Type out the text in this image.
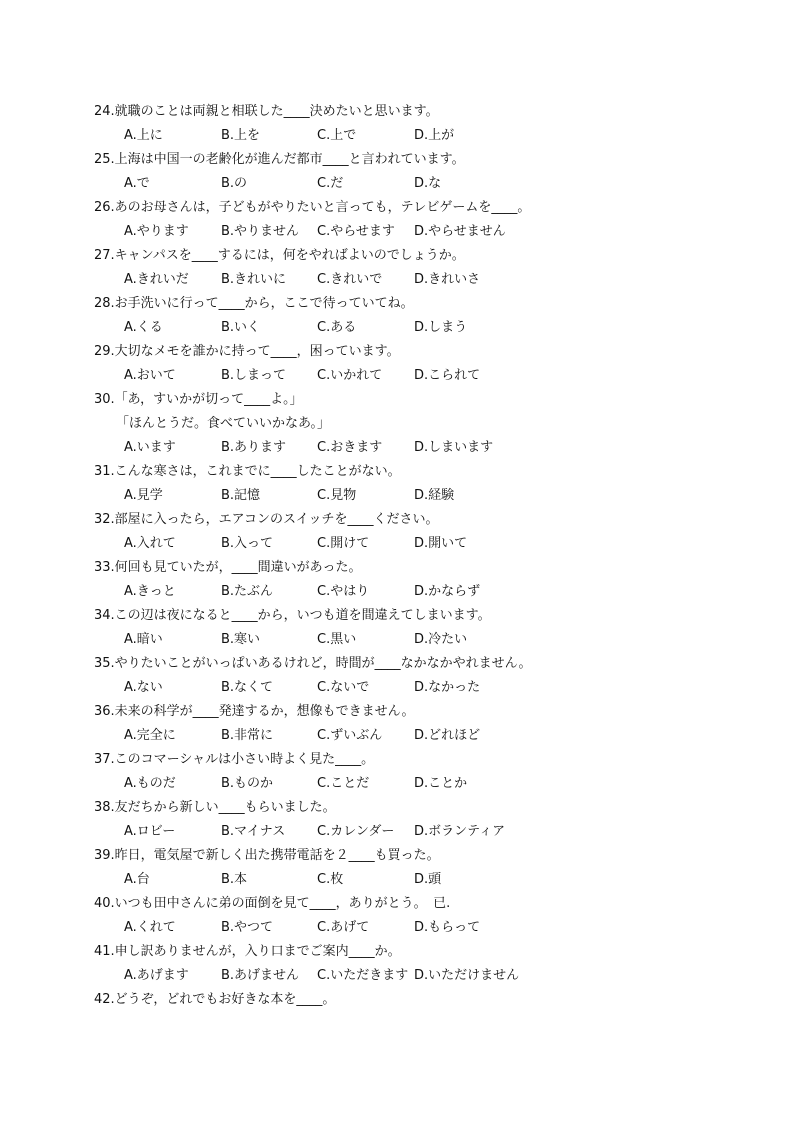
24.就職のことは両親と相联した____決めたいと思います。
A.上に	B.上を	C.上で	D.上が
25.上海は中国一の老齢化が進んだ都市____と言われています。
A.で	B.の	C.だ	D.な
26.あのお母さんは，子どもがやりたいと言っても，テレビゲームを____。
A.やります B.やりません C.やらせます D.やらせません
27.キャンパスを____するには，何をやればよいのでしょうか。
A.きれいだ B.きれいに C.きれいで D.きれいさ
28.お手洗いに行って____から，ここで待っていてね。
A.くる	B.いく	C.ある	D.しまう
29.大切なメモを誰かに持って____，困っています。
A.おいて	B.しまって C.いかれて D.こられて
30.「あ，すいかが切って____よ。」
「ほんとうだ。食べていいかなあ。」
A.います	B.あります C.おきます D.しまいます
31.こんな寒さは，これまでに____したことがない。
A.見学	B.記憶	C.見物	D.経験
32.部屋に入ったら，エアコンのスイッチを____ください。
A.入れて	B.入って	C.開けて	D.開いて
33.何回も見ていたが，____間違いがあった。
A.きっと	B.たぶん	C.やはり	D.かならず
34.この辺は夜になると____から，いつも道を間違えてしまいます。
A.暗い	B.寒い	C.黒い	D.冷たい
35.やりたいことがいっぱいあるけれど，時間が____なかなかやれません。
A.ない	B.なくて	C.ないで	D.なかった
36.未来の科学が____発達するか，想像もできません。
A.完全に	B.非常に	C.ずいぶん D.どれほど
37.このコマーシャルは小さい時よく見た____。
A.ものだ	B.ものか	C.ことだ	D.ことか
38.友だちから新しい____もらいました。
A.ロビー	B.マイナス C.カレンダー D.ボランティア
39.昨日，電気屋で新しく出た携帯電話を２____も買った。
A.台	B.本	C.枚	D.頭
40.いつも田中さんに弟の面倒を見て____，ありがとう。　已.
A.くれて	B.やつて	C.あげて	D.もらって
41.申し訳ありませんが，入り口までご案内____か。
A.あげます B.あげません C.いただきます D.いただけません
42.どうぞ，どれでもお好きな本を____。
